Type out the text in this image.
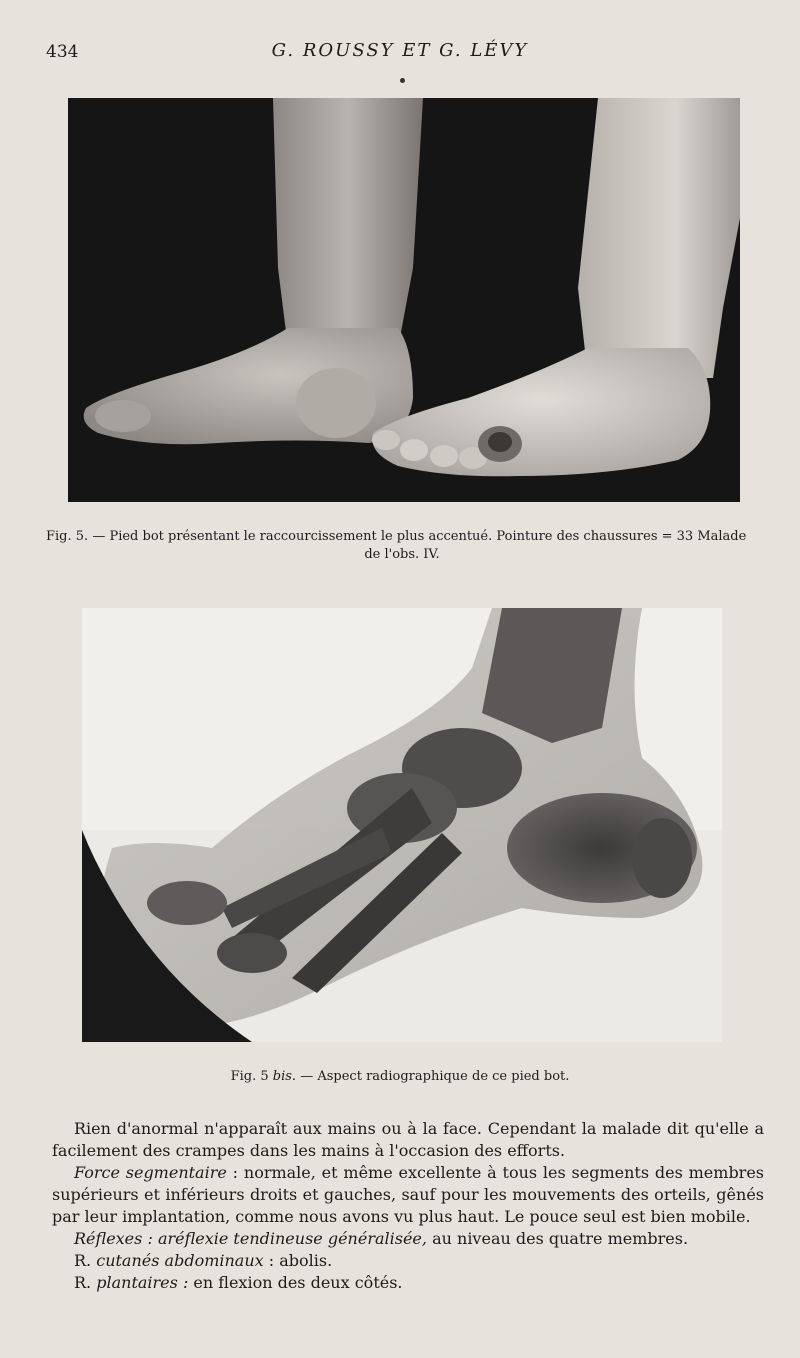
434	G. ROUSSY ET G. LÉVY
Fig. 5. — Pied bot présentant le raccourcissement le plus accentué. Pointure des chaussures = 33 Malade
de l'obs. IV.
Fig. 5 bis. — Aspect radiographique de ce pied bot.

Rien d'anormal n'apparaît aux mains ou à la face. Cependant la malade dit qu'elle a facilement des crampes dans les mains à l'occasion des efforts.

Force segmentaire : normale, et même excellente à tous les segments des membres supérieurs et inférieurs droits et gauches, sauf pour les mouvements des orteils, gênés par leur implantation, comme nous avons vu plus haut. Le pouce seul est bien mobile.

Réflexes : aréflexie tendineuse généralisée, au niveau des quatre membres.

R. cutanés abdominaux : abolis.

R. plantaires : en flexion des deux côtés.
